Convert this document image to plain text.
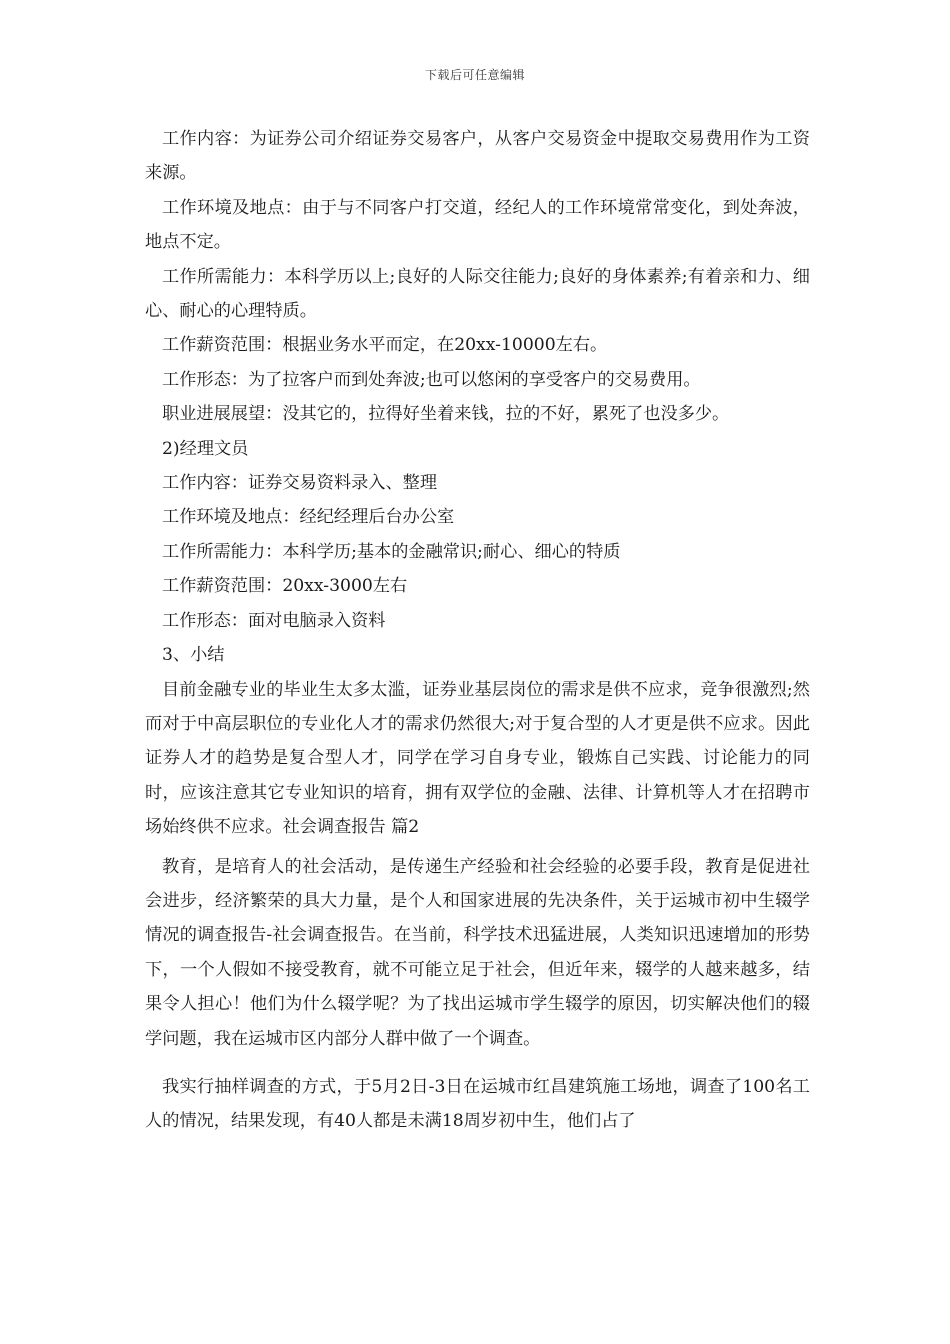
下载后可任意编辑

工作内容：为证券公司介绍证券交易客户，从客户交易资金中提取交易费用作为工资来源。

工作环境及地点：由于与不同客户打交道，经纪人的工作环境常常变化，到处奔波，地点不定。

工作所需能力：本科学历以上;良好的人际交往能力;良好的身体素养;有着亲和力、细心、耐心的心理特质。

工作薪资范围：根据业务水平而定，在20xx-10000左右。

工作形态：为了拉客户而到处奔波;也可以悠闲的享受客户的交易费用。

职业进展展望：没其它的，拉得好坐着来钱，拉的不好，累死了也没多少。

2)经理文员

工作内容：证券交易资料录入、整理

工作环境及地点：经纪经理后台办公室

工作所需能力：本科学历;基本的金融常识;耐心、细心的特质

工作薪资范围：20xx-3000左右

工作形态：面对电脑录入资料

3、小结

目前金融专业的毕业生太多太滥，证券业基层岗位的需求是供不应求，竞争很激烈;然而对于中高层职位的专业化人才的需求仍然很大;对于复合型的人才更是供不应求。因此证券人才的趋势是复合型人才，同学在学习自身专业，锻炼自己实践、讨论能力的同时，应该注意其它专业知识的培育，拥有双学位的金融、法律、计算机等人才在招聘市场始终供不应求。社会调查报告 篇2

教育，是培育人的社会活动，是传递生产经验和社会经验的必要手段，教育是促进社会进步，经济繁荣的具大力量，是个人和国家进展的先决条件，关于运城市初中生辍学情况的调查报告-社会调查报告。在当前，科学技术迅猛进展，人类知识迅速增加的形势下，一个人假如不接受教育，就不可能立足于社会，但近年来，辍学的人越来越多，结果令人担心！他们为什么辍学呢？为了找出运城市学生辍学的原因，切实解决他们的辍学问题，我在运城市区内部分人群中做了一个调查。

我实行抽样调查的方式，于5月2日-3日在运城市红昌建筑施工场地，调查了100名工人的情况，结果发现，有40人都是未满18周岁初中生，他们占了
